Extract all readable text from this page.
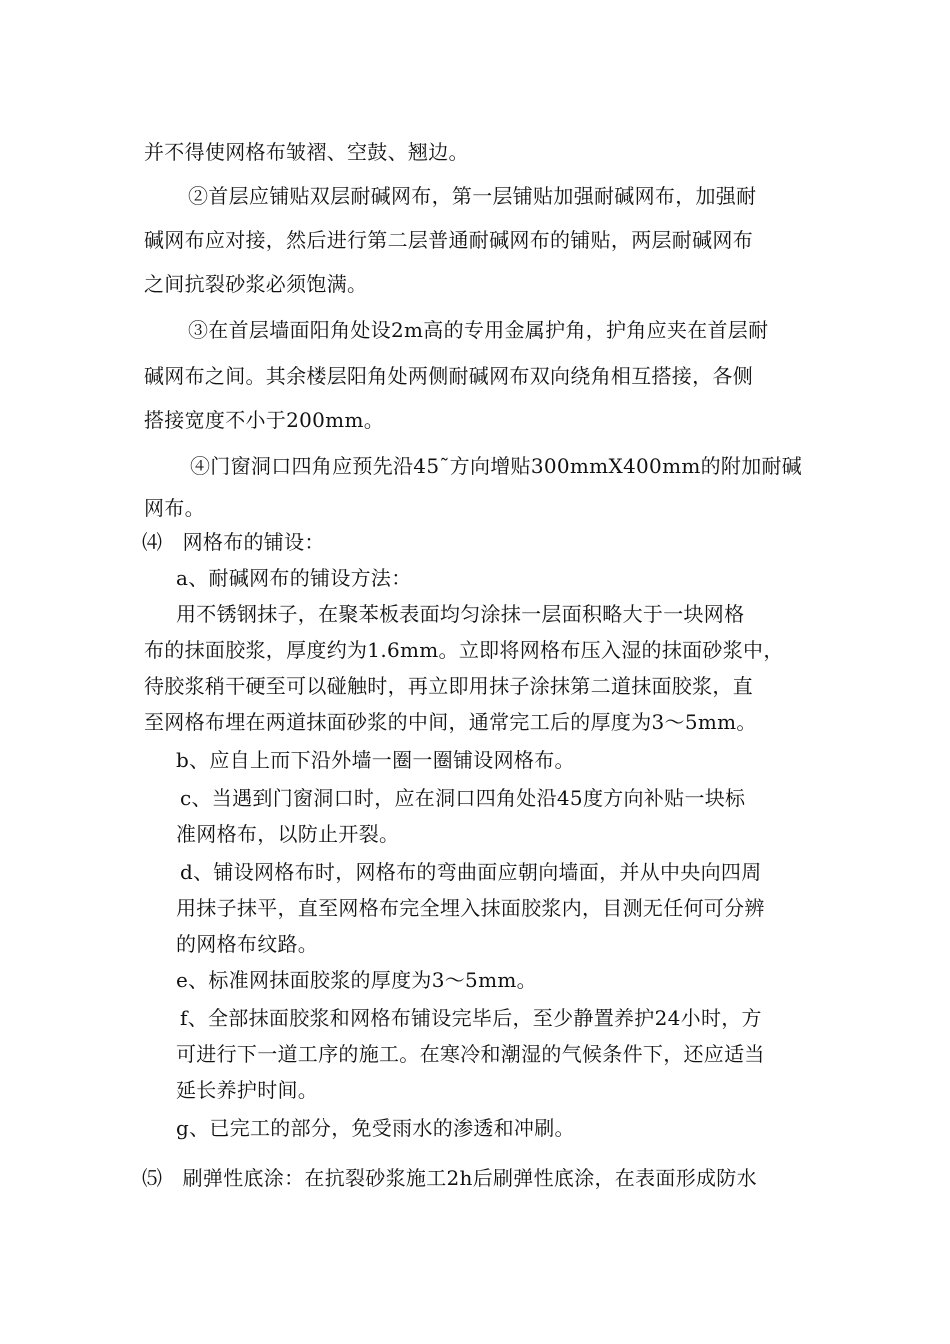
并不得使网格布皱褶、空鼓、翘边。
②首层应铺贴双层耐碱网布，第一层铺贴加强耐碱网布，加强耐
碱网布应对接，然后进行第二层普通耐碱网布的铺贴，两层耐碱网布
之间抗裂砂浆必须饱满。
③在首层墙面阳角处设2m高的专用金属护角，护角应夹在首层耐
碱网布之间。其余楼层阳角处两侧耐碱网布双向绕角相互搭接，各侧
搭接宽度不小于200mm。
④门窗洞口四角应预先沿45˜方向增贴300mmX400mm的附加耐碱
网布。
⑷　网格布的铺设：
a、耐碱网布的铺设方法：
用不锈钢抹子，在聚苯板表面均匀涂抹一层面积略大于一块网格
布的抹面胶浆，厚度约为1.6mm。立即将网格布压入湿的抹面砂浆中，
待胶浆稍干硬至可以碰触时，再立即用抹子涂抹第二道抹面胶浆，直
至网格布埋在两道抹面砂浆的中间，通常完工后的厚度为3～5mm。
b、应自上而下沿外墙一圈一圈铺设网格布。
c、当遇到门窗洞口时，应在洞口四角处沿45度方向补贴一块标
准网格布，以防止开裂。
d、铺设网格布时，网格布的弯曲面应朝向墙面，并从中央向四周
用抹子抹平，直至网格布完全埋入抹面胶浆内，目测无任何可分辨
的网格布纹路。
e、标准网抹面胶浆的厚度为3～5mm。
f、全部抹面胶浆和网格布铺设完毕后，至少静置养护24小时，方
可进行下一道工序的施工。在寒冷和潮湿的气候条件下，还应适当
延长养护时间。
g、已完工的部分，免受雨水的渗透和冲刷。
⑸　刷弹性底涂：在抗裂砂浆施工2h后刷弹性底涂，在表面形成防水
